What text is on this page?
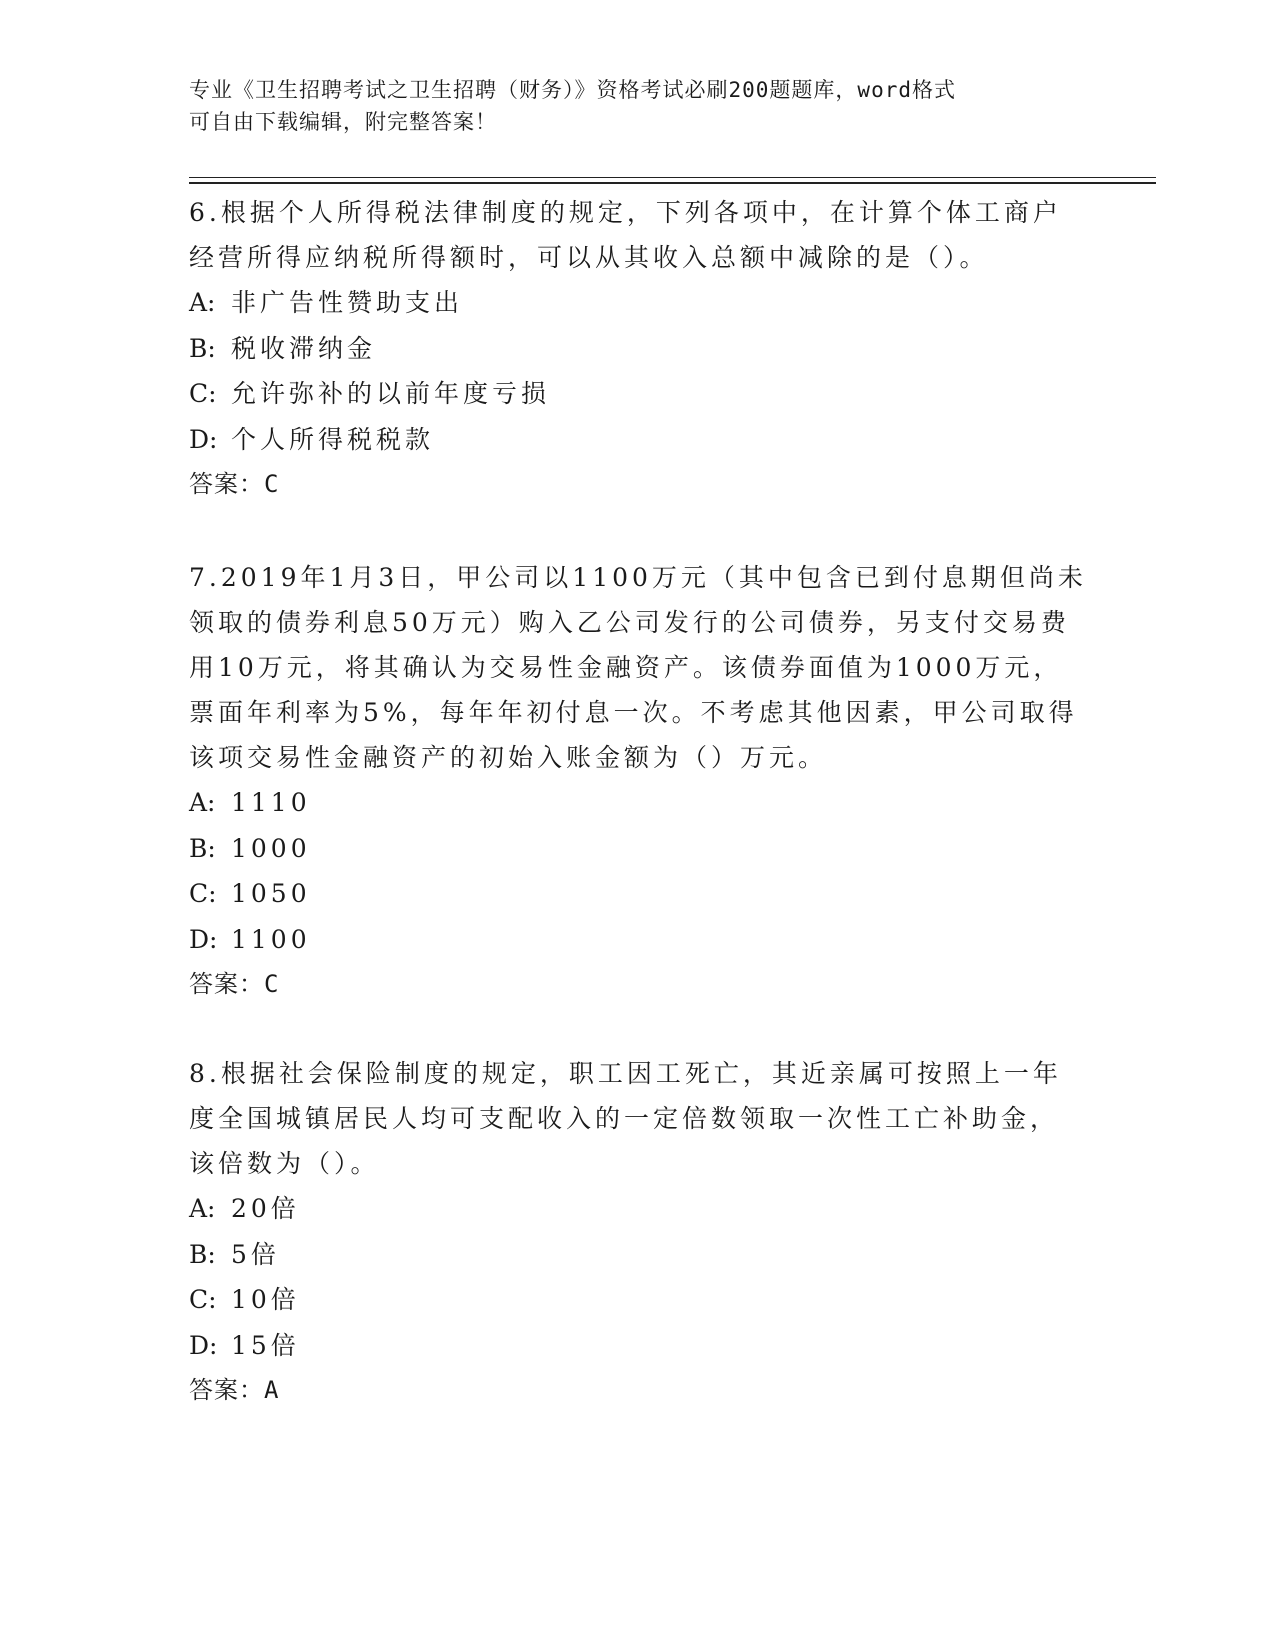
专业《卫生招聘考试之卫生招聘（财务）》资格考试必刷200题题库，word格式
可自由下载编辑，附完整答案！

6.根据个人所得税法律制度的规定，下列各项中，在计算个体工商户

经营所得应纳税所得额时，可以从其收入总额中减除的是（）。

A: 非广告性赞助支出

B: 税收滞纳金

C: 允许弥补的以前年度亏损

D: 个人所得税税款

答案：C

7.2019年1月3日，甲公司以1100万元（其中包含已到付息期但尚未

领取的债券利息50万元）购入乙公司发行的公司债券，另支付交易费

用10万元，将其确认为交易性金融资产。该债券面值为1000万元，

票面年利率为5%，每年年初付息一次。不考虑其他因素，甲公司取得

该项交易性金融资产的初始入账金额为（）万元。

A: 1110

B: 1000

C: 1050

D: 1100

答案：C

8.根据社会保险制度的规定，职工因工死亡，其近亲属可按照上一年

度全国城镇居民人均可支配收入的一定倍数领取一次性工亡补助金，

该倍数为（）。

A: 20倍

B: 5倍

C: 10倍

D: 15倍

答案：A
